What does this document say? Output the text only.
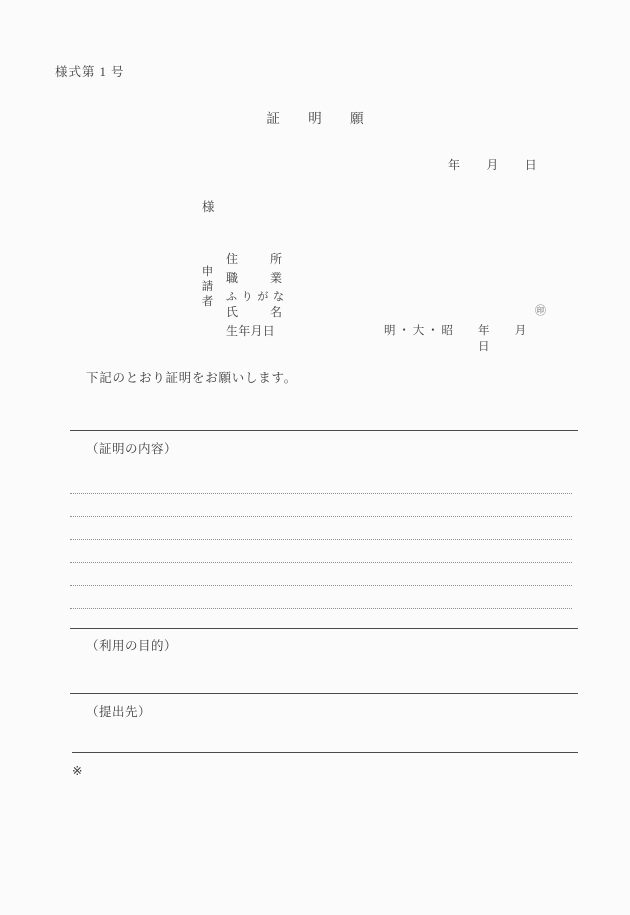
様式第 1 号
証明願
年月日
様
申
請
者
住	所
職	業
ふ り が な
氏	名	㊞
生年月日	明・大・昭 年月日
下記のとおり証明をお願いします。
（証明の内容）
（利用の目的）
（提出先）
※
